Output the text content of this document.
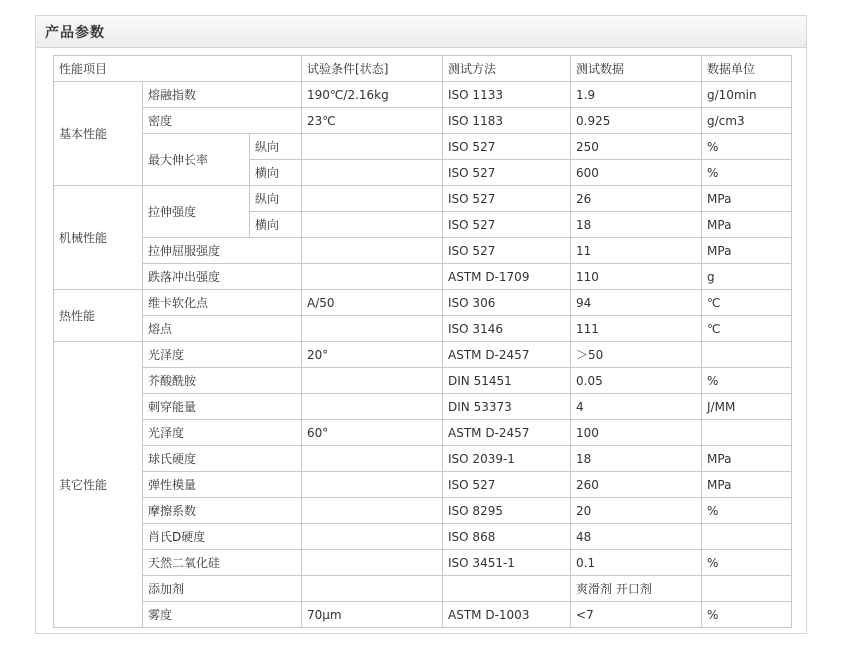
产品参数
性能项目			试验条件[状态]	测试方法	测试数据	数据单位
基本性能	熔融指数		190℃/2.16kg	ISO 1133	1.9	g/10min
	密度		23℃	ISO 1183	0.925	g/cm3
	最大伸长率	纵向		ISO 527	250	%
		横向		ISO 527	600	%
机械性能	拉伸强度	纵向		ISO 527	26	MPa
		横向		ISO 527	18	MPa
	拉伸屈服强度			ISO 527	11	MPa
	跌落冲出强度			ASTM D-1709	110	g
热性能	维卡软化点		A/50	ISO 306	94	℃
	熔点			ISO 3146	111	℃
其它性能	光泽度		20°	ASTM D-2457	＞50	
	芥酸酰胺			DIN 51451	0.05	%
	刺穿能量			DIN 53373	4	J/MM
	光泽度		60°	ASTM D-2457	100	
	球氏硬度			ISO 2039-1	18	MPa
	弹性模量			ISO 527	260	MPa
	摩擦系数			ISO 8295	20	%
	肖氏D硬度			ISO 868	48	
	天然二氧化硅			ISO 3451-1	0.1	%
	添加剂				爽滑剂 开口剂	
	雾度		70µm	ASTM D-1003	<7	%
